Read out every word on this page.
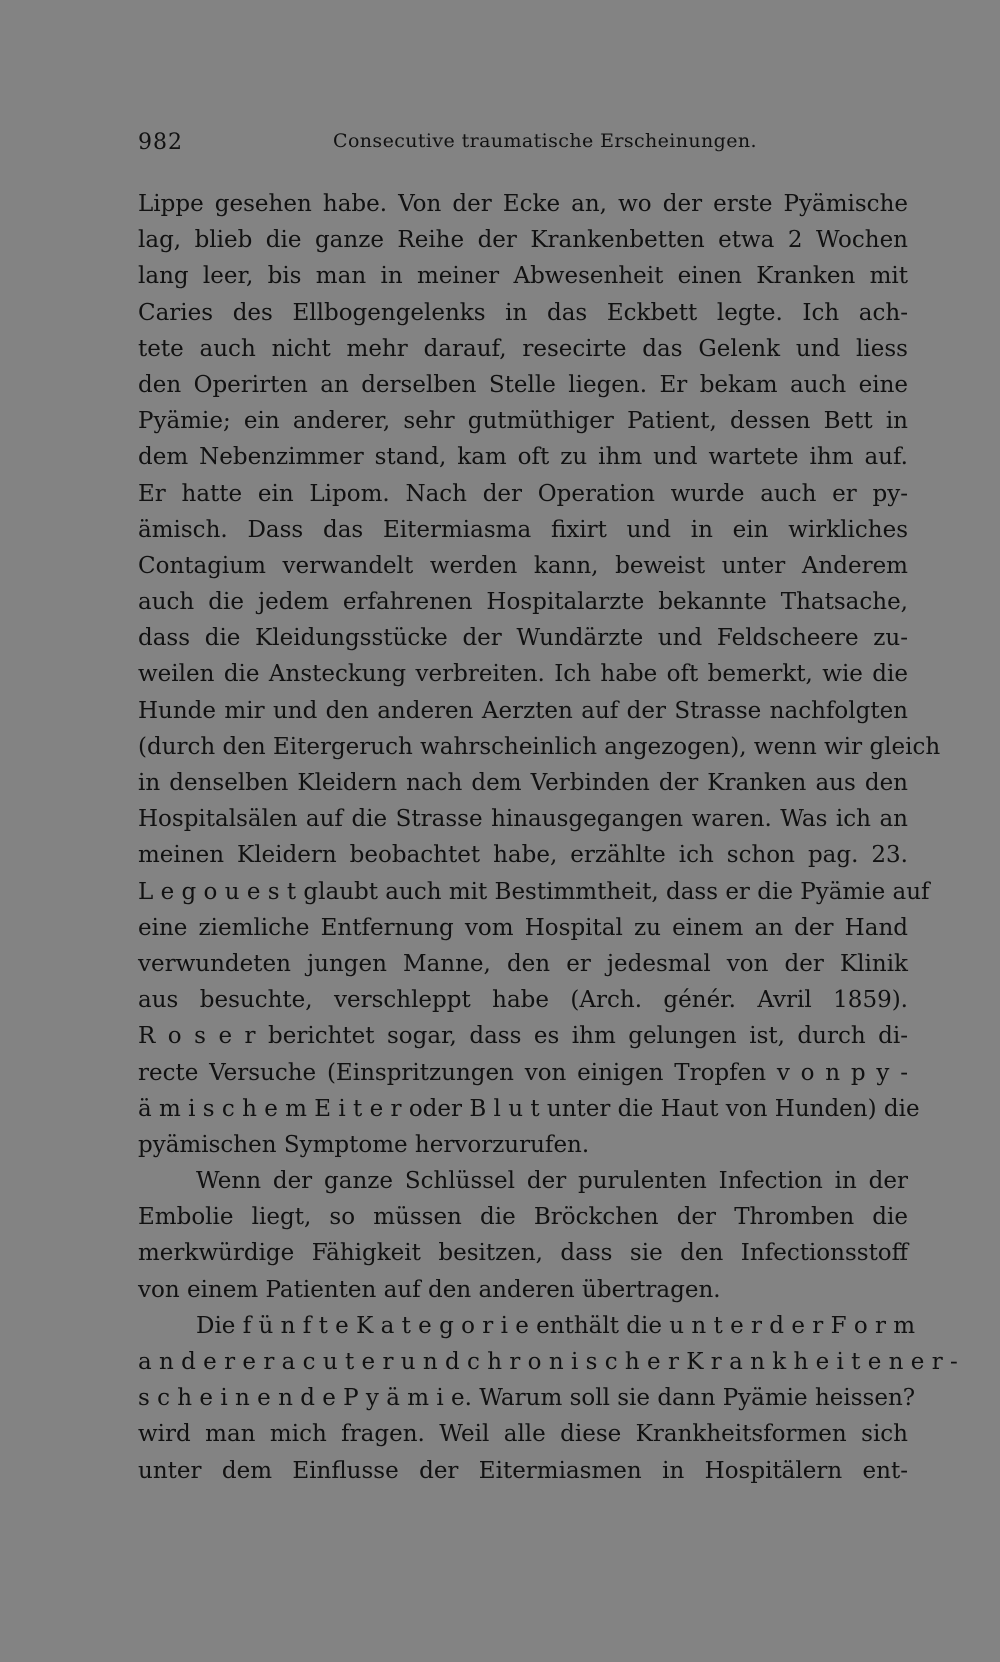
982	Consecutive traumatische Erscheinungen.
Lippe gesehen habe. Von der Ecke an, wo der erste Pyämische
lag, blieb die ganze Reihe der Krankenbetten etwa 2 Wochen
lang leer, bis man in meiner Abwesenheit einen Kranken mit
Caries des Ellbogengelenks in das Eckbett legte. Ich ach-
tete auch nicht mehr darauf, resecirte das Gelenk und liess
den Operirten an derselben Stelle liegen. Er bekam auch eine
Pyämie; ein anderer, sehr gutmüthiger Patient, dessen Bett in
dem Nebenzimmer stand, kam oft zu ihm und wartete ihm auf.
Er hatte ein Lipom. Nach der Operation wurde auch er py-
ämisch. Dass das Eitermiasma fixirt und in ein wirkliches
Contagium verwandelt werden kann, beweist unter Anderem
auch die jedem erfahrenen Hospitalarzte bekannte Thatsache,
dass die Kleidungsstücke der Wundärzte und Feldscheere zu-
weilen die Ansteckung verbreiten. Ich habe oft bemerkt, wie die
Hunde mir und den anderen Aerzten auf der Strasse nachfolgten
(durch den Eitergeruch wahrscheinlich angezogen), wenn wir gleich
in denselben Kleidern nach dem Verbinden der Kranken aus den
Hospitalsälen auf die Strasse hinausgegangen waren. Was ich an
meinen Kleidern beobachtet habe, erzählte ich schon pag. 23.
L e g o u e s t glaubt auch mit Bestimmtheit, dass er die Pyämie auf
eine ziemliche Entfernung vom Hospital zu einem an der Hand
verwundeten jungen Manne, den er jedesmal von der Klinik
aus besuchte, verschleppt habe (Arch. génér. Avril 1859).
R o s e r berichtet sogar, dass es ihm gelungen ist, durch di-
recte Versuche (Einspritzungen von einigen Tropfen v o n p y -
ä m i s c h e m E i t e r oder B l u t unter die Haut von Hunden) die
pyämischen Symptome hervorzurufen.
Wenn der ganze Schlüssel der purulenten Infection in der
Embolie liegt, so müssen die Bröckchen der Thromben die
merkwürdige Fähigkeit besitzen, dass sie den Infectionsstoff
von einem Patienten auf den anderen übertragen.
Die f ü n f t e K a t e g o r i e enthält die u n t e r d e r F o r m
a n d e r e r a c u t e r u n d c h r o n i s c h e r K r a n k h e i t e n e r -
s c h e i n e n d e P y ä m i e. Warum soll sie dann Pyämie heissen?
wird man mich fragen. Weil alle diese Krankheitsformen sich
unter dem Einflusse der Eitermiasmen in Hospitälern ent-
